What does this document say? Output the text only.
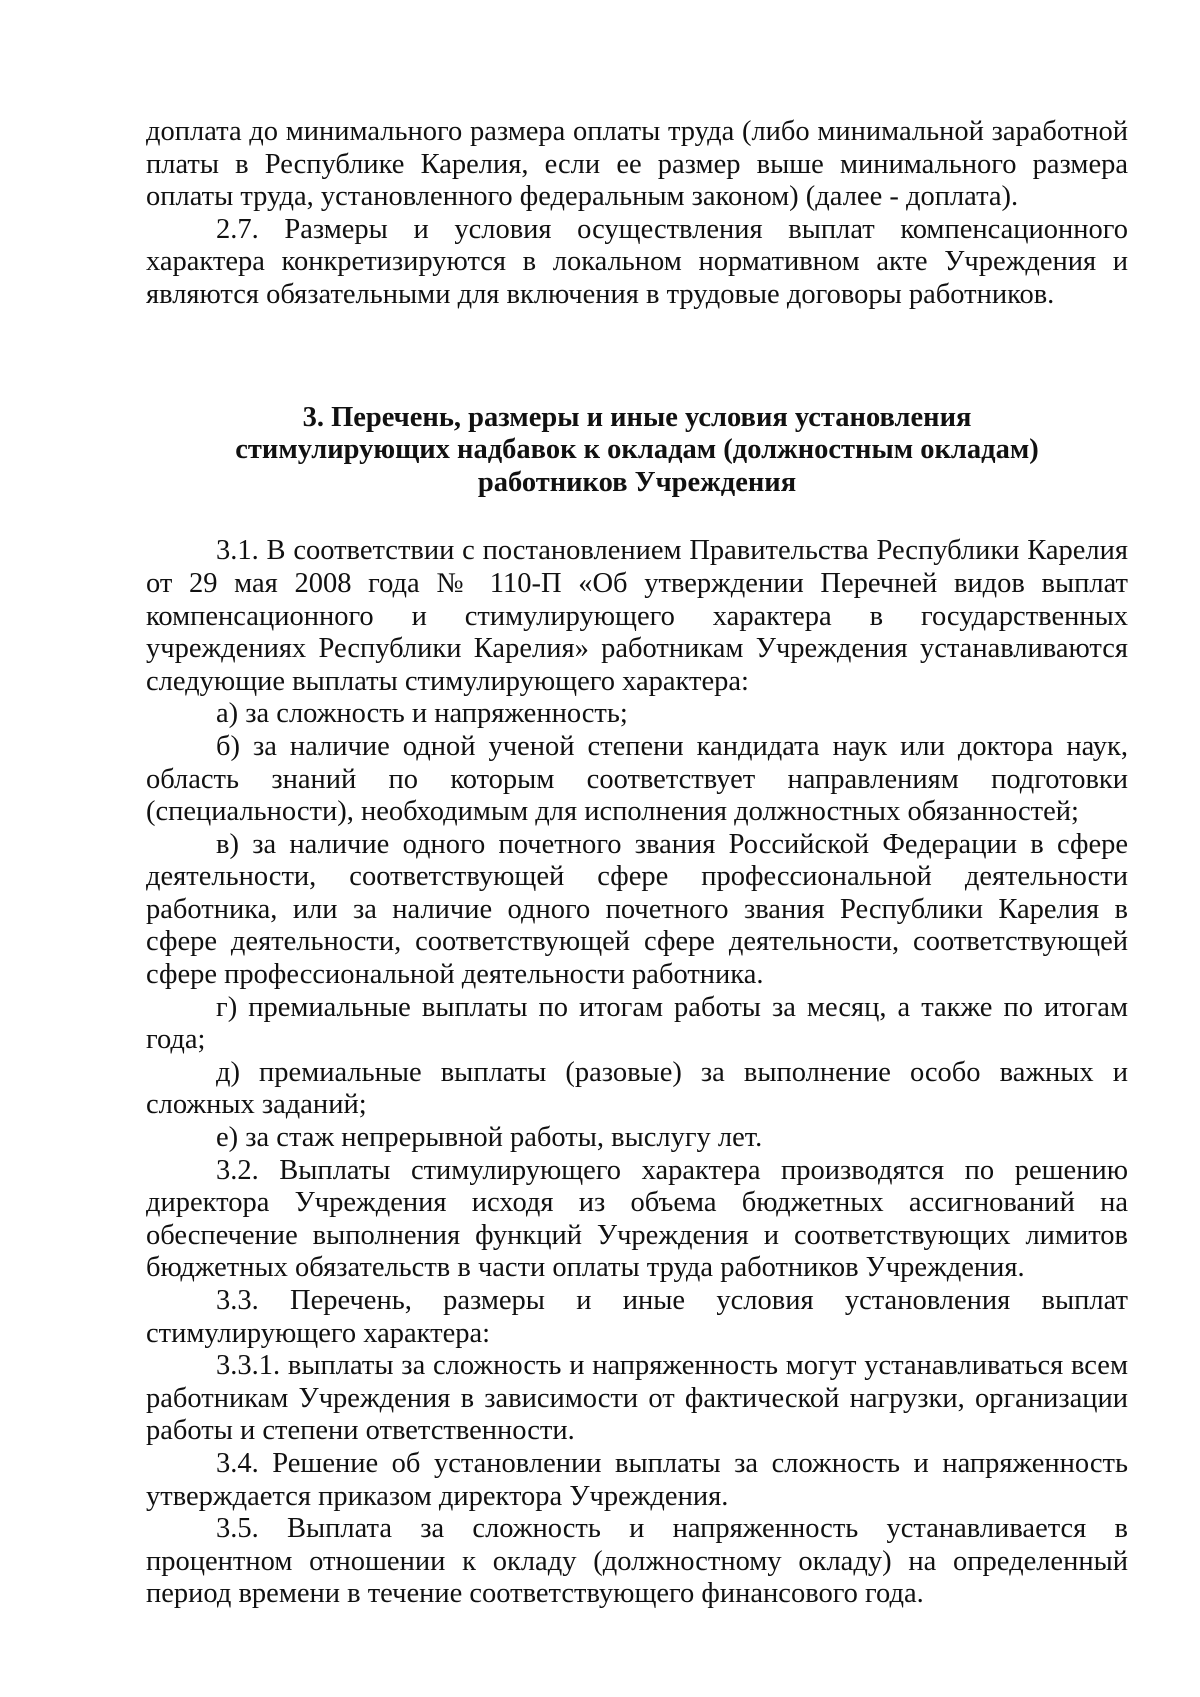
доплата до минимального размера оплаты труда (либо минимальной заработной платы в Республике Карелия, если ее размер выше минимального размера оплаты труда, установленного федеральным законом) (далее - доплата).

2.7. Размеры и условия осуществления выплат компенсационного характера конкретизируются в локальном нормативном акте Учреждения и являются обязательными для включения в трудовые договоры работников.

3. Перечень, размеры и иные условия установления

стимулирующих надбавок к окладам (должностным окладам)

работников Учреждения

3.1. В соответствии с постановлением Правительства Республики Карелия от 29 мая 2008 года № 110-П «Об утверждении Перечней видов выплат компенсационного и стимулирующего характера в государственных учреждениях Республики Карелия» работникам Учреждения устанавливаются следующие выплаты стимулирующего характера:

а) за сложность и напряженность;

б) за наличие одной ученой степени кандидата наук или доктора наук, область знаний по которым соответствует направлениям подготовки (специальности), необходимым для исполнения должностных обязанностей;

в) за наличие одного почетного звания Российской Федерации в сфере деятельности, соответствующей сфере профессиональной деятельности работника, или за наличие одного почетного звания Республики Карелия в сфере деятельности, соответствующей сфере деятельности, соответствующей сфере профессиональной деятельности работника.

г) премиальные выплаты по итогам работы за месяц, а также по итогам года;

д) премиальные выплаты (разовые) за выполнение особо важных и сложных заданий;

е) за стаж непрерывной работы, выслугу лет.

3.2. Выплаты стимулирующего характера производятся по решению директора Учреждения исходя из объема бюджетных ассигнований на обеспечение выполнения функций Учреждения и соответствующих лимитов бюджетных обязательств в части оплаты труда работников Учреждения.

3.3. Перечень, размеры и иные условия установления выплат стимулирующего характера:

3.3.1. выплаты за сложность и напряженность могут устанавливаться всем работникам Учреждения в зависимости от фактической нагрузки, организации работы и степени ответственности.

3.4. Решение об установлении выплаты за сложность и напряженность утверждается приказом директора Учреждения.

3.5. Выплата за сложность и напряженность устанавливается в процентном отношении к окладу (должностному окладу) на определенный период времени в течение соответствующего финансового года.
